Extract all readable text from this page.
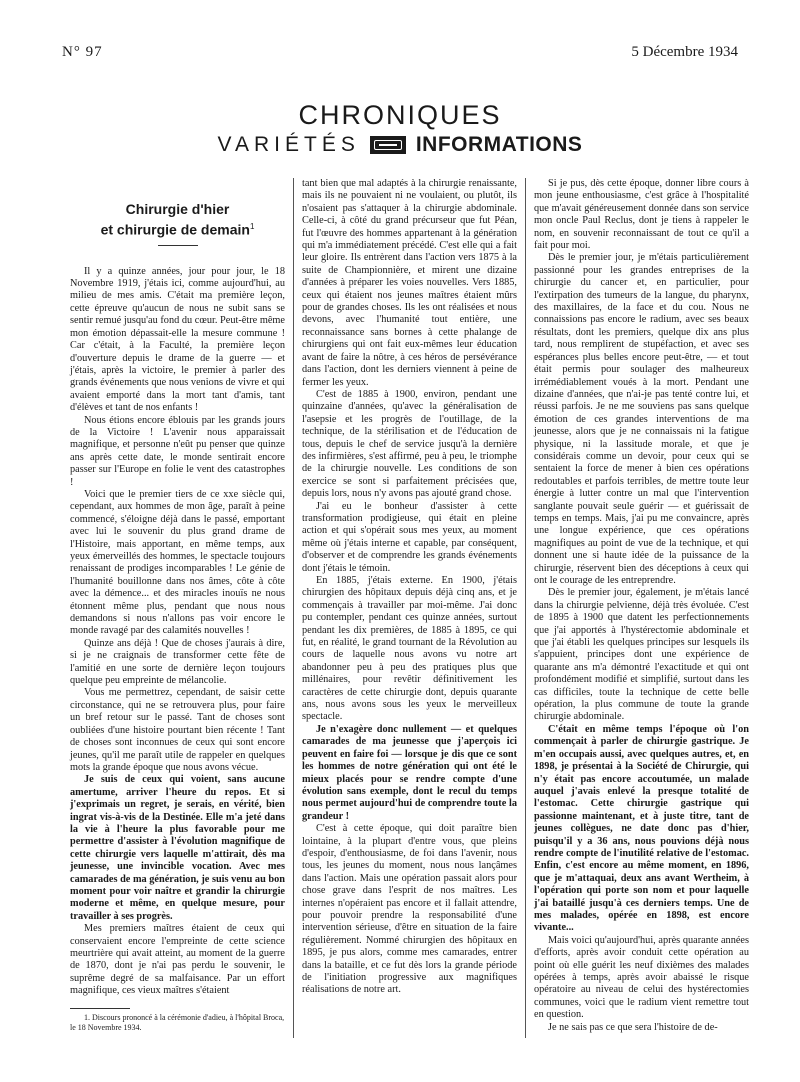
N° 97	5 Décembre 1934
CHRONIQUES
VARIÉTÉS	INFORMATIONS
Chirurgie d'hier
et chirurgie de demain$^1$

Il y a quinze années, jour pour jour, le 18 Novembre 1919, j'étais ici, comme aujourd'hui, au milieu de mes amis. C'était ma première leçon, cette épreuve qu'aucun de nous ne subit sans se sentir remué jusqu'au fond du cœur. Peut-être même mon émotion dépassait-elle la mesure commune ! Car c'était, à la Faculté, la première leçon d'ouverture depuis le drame de la guerre — et j'étais, après la victoire, le premier à parler des grands événements que nous venions de vivre et qui avaient emporté dans la mort tant d'amis, tant d'élèves et tant de nos enfants !

Nous étions encore éblouis par les grands jours de la Victoire ! L'avenir nous apparaissait magnifique, et personne n'eût pu penser que quinze ans après cette date, le monde sentirait encore passer sur l'Europe en folie le vent des catastrophes !

Voici que le premier tiers de ce xxe siècle qui, cependant, aux hommes de mon âge, paraît à peine commencé, s'éloigne déjà dans le passé, emportant avec lui le souvenir du plus grand drame de l'Histoire, mais apportant, en même temps, aux yeux émerveillés des hommes, le spectacle toujours renaissant de prodiges incomparables ! Le génie de l'humanité bouillonne dans nos âmes, côte à côte avec la démence... et des miracles inouïs ne nous étonnent même plus, pendant que nous nous demandons si nous n'allons pas voir encore le monde ravagé par des calamités nouvelles !

Quinze ans déjà ! Que de choses j'aurais à dire, si je ne craignais de transformer cette fête de l'amitié en une sorte de dernière leçon toujours quelque peu empreinte de mélancolie.

Vous me permettrez, cependant, de saisir cette circonstance, qui ne se retrouvera plus, pour faire un bref retour sur le passé. Tant de choses sont oubliées d'une histoire pourtant bien récente ! Tant de choses sont inconnues de ceux qui sont encore jeunes, qu'il me paraît utile de rappeler en quelques mots la grande époque que nous avons vécue.

Je suis de ceux qui voient, sans aucune amertume, arriver l'heure du repos. Et si j'exprimais un regret, je serais, en vérité, bien ingrat vis-à-vis de la Destinée. Elle m'a jeté dans la vie à l'heure la plus favorable pour me permettre d'assister à l'évolution magnifique de cette chirurgie vers laquelle m'attirait, dès ma jeunesse, une invincible vocation. Avec mes camarades de ma génération, je suis venu au bon moment pour voir naître et grandir la chirurgie moderne et même, en quelque mesure, pour travailler à ses progrès.

Mes premiers maîtres étaient de ceux qui conservaient encore l'empreinte de cette science meurtrière qui avait atteint, au moment de la guerre de 1870, dont je n'ai pas perdu le souvenir, le suprême degré de sa malfaisance. Par un effort magnifique, ces vieux maîtres s'étaient

1. Discours prononcé à la cérémonie d'adieu, à l'hôpital Broca, le 18 Novembre 1934.

tant bien que mal adaptés à la chirurgie renaissante, mais ils ne pouvaient ni ne voulaient, ou plutôt, ils n'osaient pas s'attaquer à la chirurgie abdominale. Celle-ci, à côté du grand précurseur que fut Péan, fut l'œuvre des hommes appartenant à la génération qui m'a immédiatement précédé. C'est elle qui a fait leur gloire. Ils entrèrent dans l'action vers 1875 à la suite de Championnière, et mirent une dizaine d'années à préparer les voies nouvelles. Vers 1885, ceux qui étaient nos jeunes maîtres étaient mûrs pour de grandes choses. Ils les ont réalisées et nous devons, avec l'humanité tout entière, une reconnaissance sans bornes à cette phalange de chirurgiens qui ont fait eux-mêmes leur éducation avant de faire la nôtre, à ces héros de persévérance dans l'action, dont les derniers viennent à peine de fermer les yeux.

C'est de 1885 à 1900, environ, pendant une quinzaine d'années, qu'avec la généralisation de l'asepsie et les progrès de l'outillage, de la technique, de la stérilisation et de l'éducation de tous, depuis le chef de service jusqu'à la dernière des infirmières, s'est affirmé, peu à peu, le triomphe de la chirurgie nouvelle. Les conditions de son exercice se sont si parfaitement précisées que, depuis lors, nous n'y avons pas ajouté grand chose.

J'ai eu le bonheur d'assister à cette transformation prodigieuse, qui était en pleine action et qui s'opérait sous mes yeux, au moment même où j'étais interne et capable, par conséquent, d'observer et de comprendre les grands événements dont j'étais le témoin.

En 1885, j'étais externe. En 1900, j'étais chirurgien des hôpitaux depuis déjà cinq ans, et je commençais à travailler par moi-même. J'ai donc pu contempler, pendant ces quinze années, surtout pendant les dix premières, de 1885 à 1895, ce qui fut, en réalité, le grand tournant de la Révolution au cours de laquelle nous avons vu notre art abandonner peu à peu des pratiques plus que millénaires, pour revêtir définitivement les caractères de cette chirurgie dont, depuis quarante ans, nous avons sous les yeux le merveilleux spectacle.

Je n'exagère donc nullement — et quelques camarades de ma jeunesse que j'aperçois ici peuvent en faire foi — lorsque je dis que ce sont les hommes de notre génération qui ont été le mieux placés pour se rendre compte d'une évolution sans exemple, dont le recul du temps nous permet aujourd'hui de comprendre toute la grandeur !

C'est à cette époque, qui doit paraître bien lointaine, à la plupart d'entre vous, que pleins d'espoir, d'enthousiasme, de foi dans l'avenir, nous tous, les jeunes du moment, nous nous lançâmes dans l'action. Mais une opération passait alors pour chose grave dans l'esprit de nos maîtres. Les internes n'opéraient pas encore et il fallait attendre, pour pouvoir prendre la responsabilité d'une intervention sérieuse, d'être en situation de la faire régulièrement. Nommé chirurgien des hôpitaux en 1895, je pus alors, comme mes camarades, entrer dans la bataille, et ce fut dès lors la grande période de l'initiation progressive aux magnifiques réalisations de notre art.

Si je pus, dès cette époque, donner libre cours à mon jeune enthousiasme, c'est grâce à l'hospitalité que m'avait généreusement donnée dans son service mon oncle Paul Reclus, dont je tiens à rappeler le nom, en souvenir reconnaissant de tout ce qu'il a fait pour moi.

Dès le premier jour, je m'étais particulièrement passionné pour les grandes entreprises de la chirurgie du cancer et, en particulier, pour l'extirpation des tumeurs de la langue, du pharynx, des maxillaires, de la face et du cou. Nous ne connaissions pas encore le radium, avec ses beaux résultats, dont les premiers, quelque dix ans plus tard, nous remplirent de stupéfaction, et avec ses espérances plus belles encore peut-être, — et tout était permis pour soulager des malheureux irrémédiablement voués à la mort. Pendant une dizaine d'années, que n'ai-je pas tenté contre lui, et réussi parfois. Je ne me souviens pas sans quelque émotion de ces grandes interventions de ma jeunesse, alors que je ne connaissais ni la fatigue physique, ni la lassitude morale, et que je considérais comme un devoir, pour ceux qui se sentaient la force de mener à bien ces opérations redoutables et parfois terribles, de mettre toute leur énergie à lutter contre un mal que l'intervention sanglante pouvait seule guérir — et guérissait de temps en temps. Mais, j'ai pu me convaincre, après une longue expérience, que ces opérations magnifiques au point de vue de la technique, et qui donnent une si haute idée de la puissance de la chirurgie, réservent bien des déceptions à ceux qui ont le courage de les entreprendre.

Dès le premier jour, également, je m'étais lancé dans la chirurgie pelvienne, déjà très évoluée. C'est de 1895 à 1900 que datent les perfectionnements que j'ai apportés à l'hystérectomie abdominale et que j'ai établi les quelques principes sur lesquels ils s'appuient, principes dont une expérience de quarante ans m'a démontré l'exactitude et qui ont profondément modifié et simplifié, surtout dans les cas difficiles, toute la technique de cette belle opération, la plus commune de toute la grande chirurgie abdominale.

C'était en même temps l'époque où l'on commençait à parler de chirurgie gastrique. Je m'en occupais aussi, avec quelques autres, et, en 1898, je présentai à la Société de Chirurgie, qui n'y était pas encore accoutumée, un malade auquel j'avais enlevé la presque totalité de l'estomac. Cette chirurgie gastrique qui passionne maintenant, et à juste titre, tant de jeunes collègues, ne date donc pas d'hier, puisqu'il y a 36 ans, nous pouvions déjà nous rendre compte de l'inutilité relative de l'estomac. Enfin, c'est encore au même moment, en 1896, que je m'attaquai, deux ans avant Wertheim, à l'opération qui porte son nom et pour laquelle j'ai bataillé jusqu'à ces derniers temps. Une de mes malades, opérée en 1898, est encore vivante...

Mais voici qu'aujourd'hui, après quarante années d'efforts, après avoir conduit cette opération au point où elle guérit les neuf dixièmes des malades opérées à temps, après avoir abaissé le risque opératoire au niveau de celui des hystérectomies communes, voici que le radium vient remettre tout en question.

Je ne sais pas ce que sera l'histoire de de-
